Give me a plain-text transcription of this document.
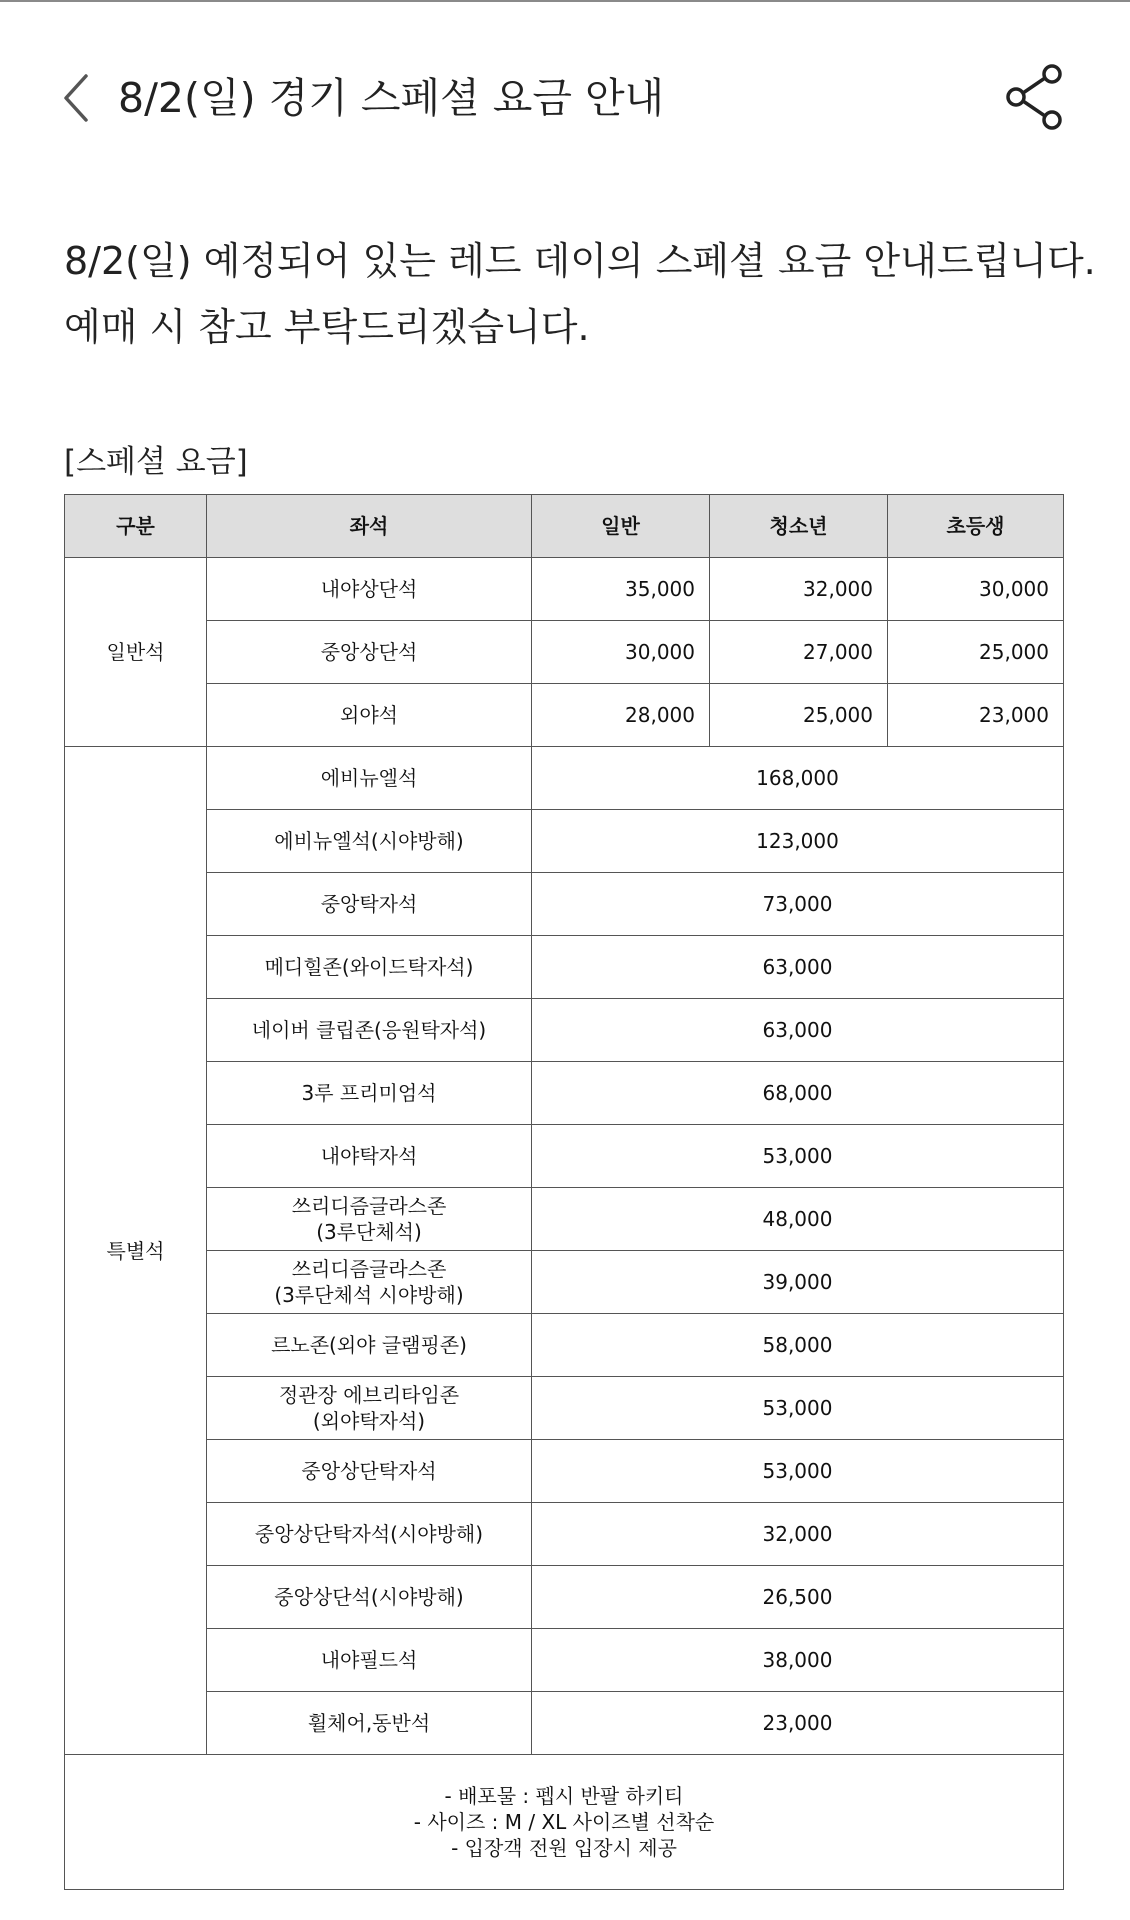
8/2(일) 경기 스페셜 요금 안내

8/2(일) 예정되어 있는 레드 데이의 스페셜 요금 안내드립니다.

예매 시 참고 부탁드리겠습니다.

[스페셜 요금]
구분	좌석	일반	청소년	초등생
일반석	내야상단석	35,000	32,000	30,000
	중앙상단석	30,000	27,000	25,000
	외야석	28,000	25,000	23,000
특별석	에비뉴엘석	168,000		
	에비뉴엘석(시야방해)	123,000		
	중앙탁자석	73,000		
	메디힐존(와이드탁자석)	63,000		
	네이버 클립존(응원탁자석)	63,000		
	3루 프리미엄석	68,000		
	내야탁자석	53,000		

	쓰리디즘글라스존
(3루단체석)	48,000		

	쓰리디즘글라스존
(3루단체석 시야방해)	39,000		
	르노존(외야 글램핑존)	58,000		

	정관장 에브리타임존
(외야탁자석)	53,000		
	중앙상단탁자석	53,000		
	중앙상단탁자석(시야방해)	32,000		
	중앙상단석(시야방해)	26,500		
	내야필드석	38,000		
	휠체어,동반석	23,000		

- 배포물 : 펩시 반팔 하키티
- 사이즈 : M / XL 사이즈별 선착순
- 입장객 전원 입장시 제공				
